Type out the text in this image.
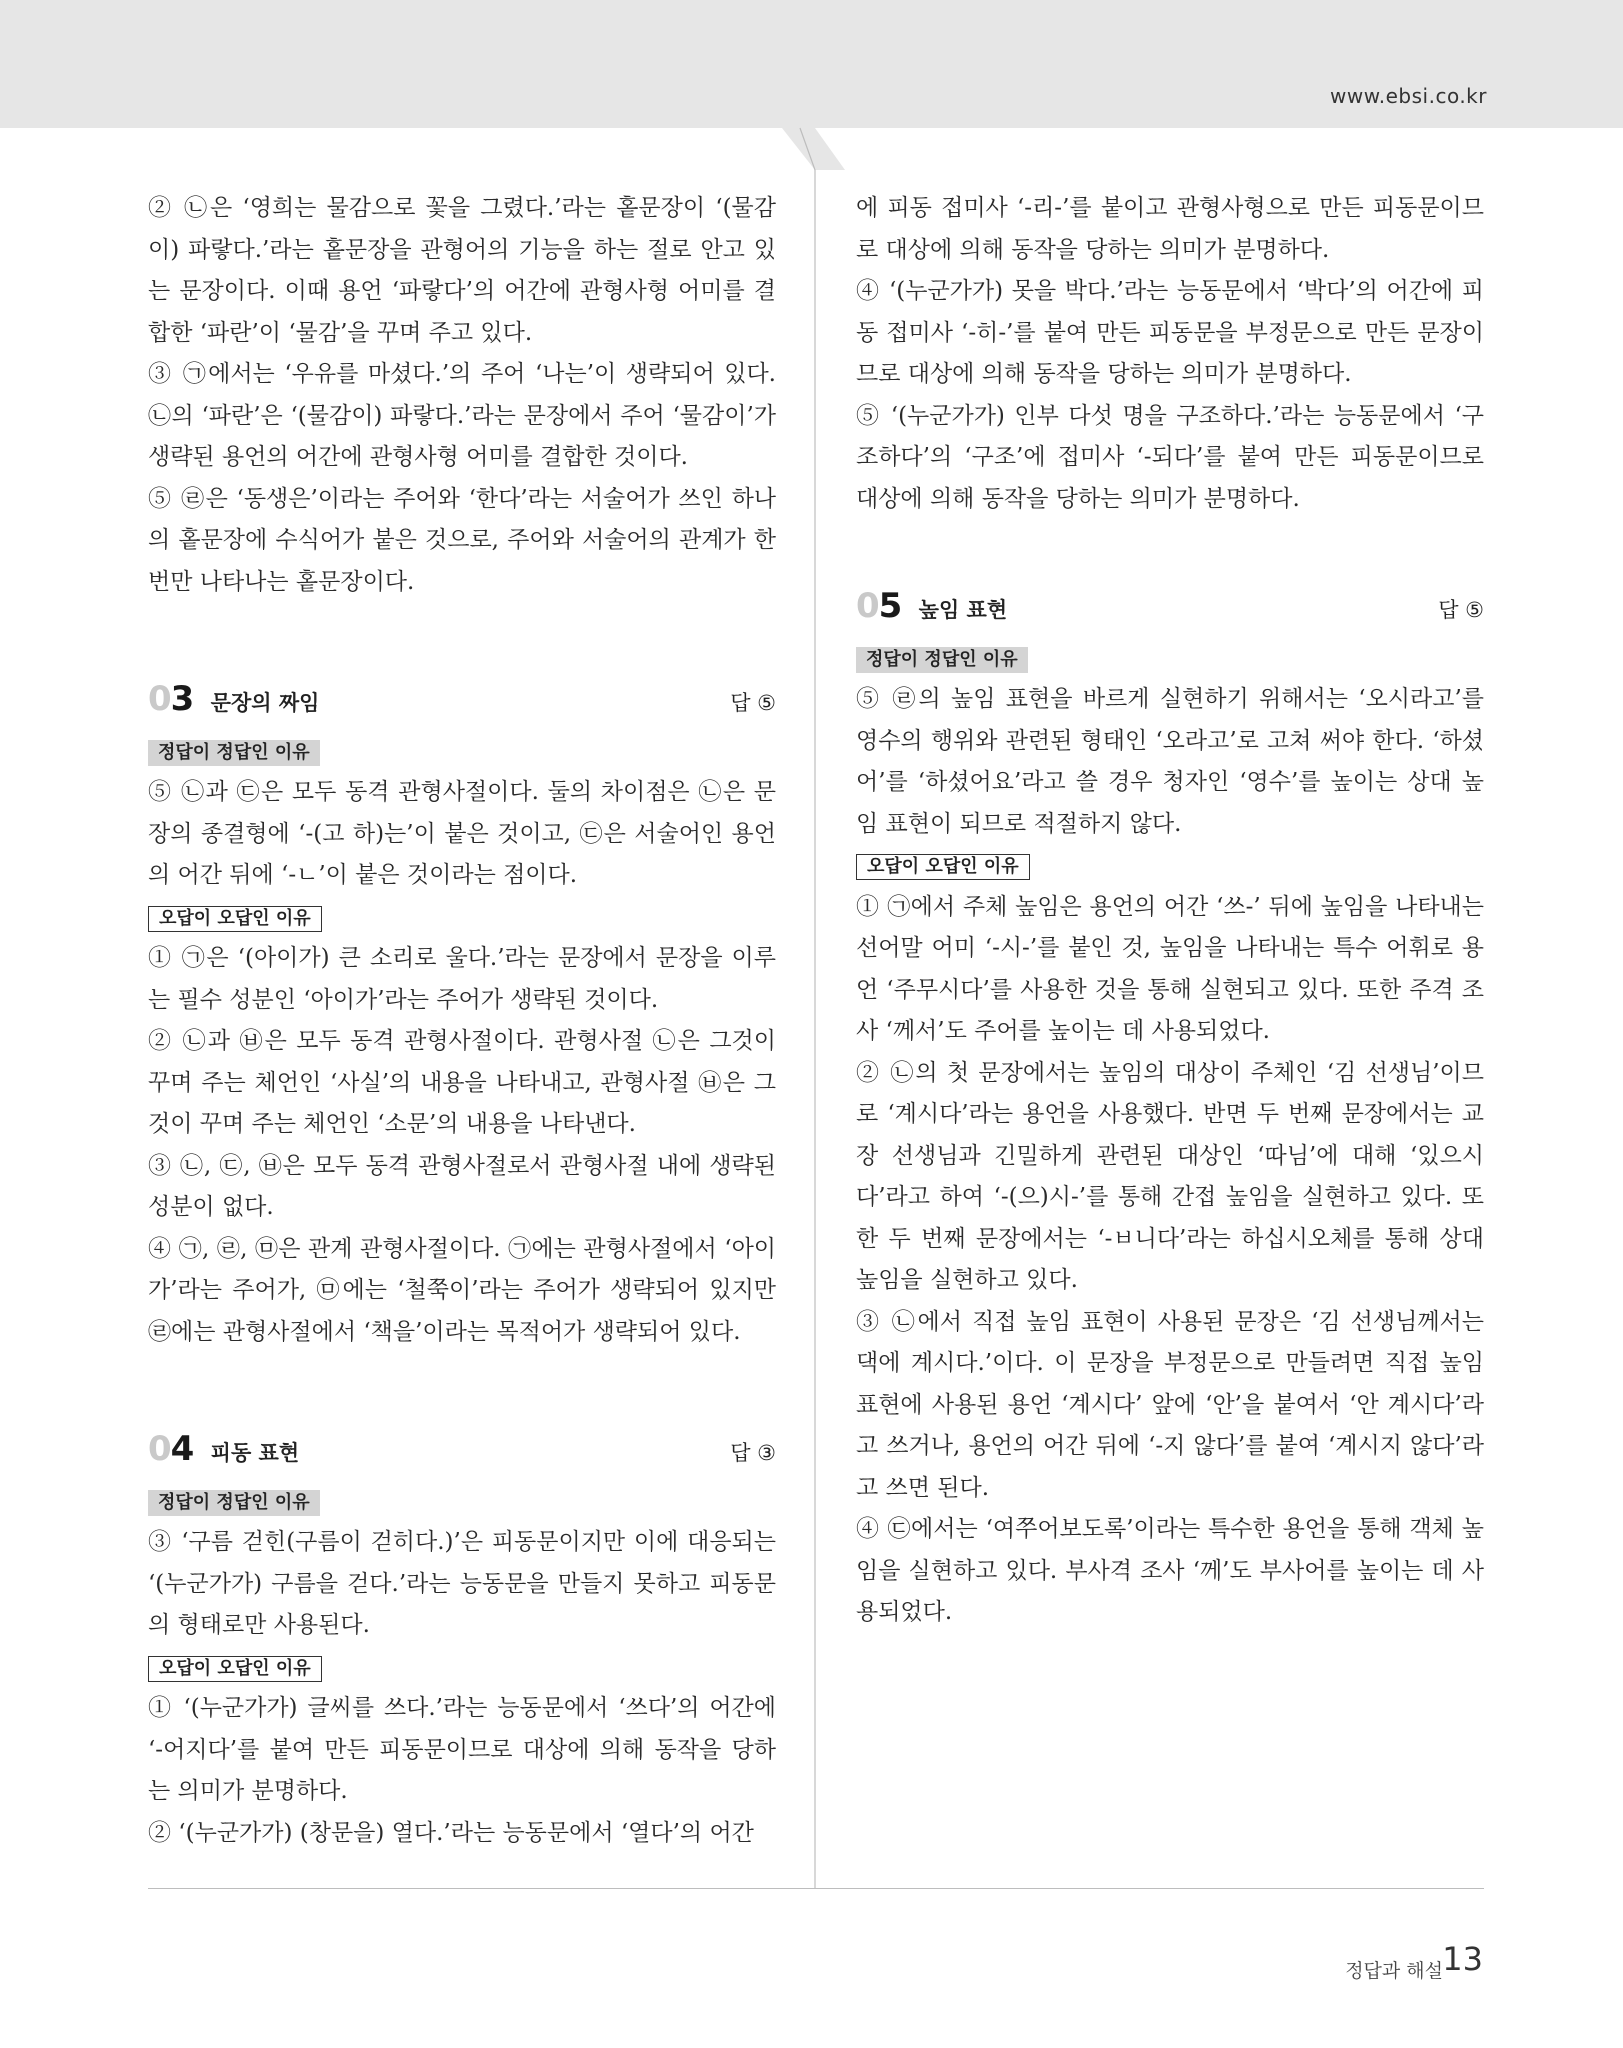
www.ebsi.co.kr

② ㉡은 ‘영희는 물감으로 꽃을 그렸다.’라는 홑문장이 ‘(물감이) 파랗다.’라는 홑문장을 관형어의 기능을 하는 절로 안고 있는 문장이다. 이때 용언 ‘파랗다’의 어간에 관형사형 어미를 결합한 ‘파란’이 ‘물감’을 꾸며 주고 있다.

③ ㉠에서는 ‘우유를 마셨다.’의 주어 ‘나는’이 생략되어 있다. ㉡의 ‘파란’은 ‘(물감이) 파랗다.’라는 문장에서 주어 ‘물감이’가 생략된 용언의 어간에 관형사형 어미를 결합한 것이다.

⑤ ㉣은 ‘동생은’이라는 주어와 ‘한다’라는 서술어가 쓰인 하나의 홑문장에 수식어가 붙은 것으로, 주어와 서술어의 관계가 한 번만 나타나는 홑문장이다.

03 문장의 짜임	답 ⑤
정답이 정답인 이유

⑤ ㉡과 ㉢은 모두 동격 관형사절이다. 둘의 차이점은 ㉡은 문장의 종결형에 ‘-(고 하)는’이 붙은 것이고, ㉢은 서술어인 용언의 어간 뒤에 ‘-ㄴ’이 붙은 것이라는 점이다.

오답이 오답인 이유

① ㉠은 ‘(아이가) 큰 소리로 울다.’라는 문장에서 문장을 이루는 필수 성분인 ‘아이가’라는 주어가 생략된 것이다.

② ㉡과 ㉥은 모두 동격 관형사절이다. 관형사절 ㉡은 그것이 꾸며 주는 체언인 ‘사실’의 내용을 나타내고, 관형사절 ㉥은 그것이 꾸며 주는 체언인 ‘소문’의 내용을 나타낸다.

③ ㉡, ㉢, ㉥은 모두 동격 관형사절로서 관형사절 내에 생략된 성분이 없다.

④ ㉠, ㉣, ㉤은 관계 관형사절이다. ㉠에는 관형사절에서 ‘아이가’라는 주어가, ㉤에는 ‘철쭉이’라는 주어가 생략되어 있지만 ㉣에는 관형사절에서 ‘책을’이라는 목적어가 생략되어 있다.

04 피동 표현	답 ③
정답이 정답인 이유

③ ‘구름 걷힌(구름이 걷히다.)’은 피동문이지만 이에 대응되는 ‘(누군가가) 구름을 걷다.’라는 능동문을 만들지 못하고 피동문의 형태로만 사용된다.

오답이 오답인 이유

① ‘(누군가가) 글씨를 쓰다.’라는 능동문에서 ‘쓰다’의 어간에 ‘-어지다’를 붙여 만든 피동문이므로 대상에 의해 동작을 당하는 의미가 분명하다.

② ‘(누군가가) (창문을) 열다.’라는 능동문에서 ‘열다’의 어간

에 피동 접미사 ‘-리-’를 붙이고 관형사형으로 만든 피동문이므로 대상에 의해 동작을 당하는 의미가 분명하다.

④ ‘(누군가가) 못을 박다.’라는 능동문에서 ‘박다’의 어간에 피동 접미사 ‘-히-’를 붙여 만든 피동문을 부정문으로 만든 문장이므로 대상에 의해 동작을 당하는 의미가 분명하다.

⑤ ‘(누군가가) 인부 다섯 명을 구조하다.’라는 능동문에서 ‘구조하다’의 ‘구조’에 접미사 ‘-되다’를 붙여 만든 피동문이므로 대상에 의해 동작을 당하는 의미가 분명하다.

05 높임 표현	답 ⑤
정답이 정답인 이유

⑤ ㉣의 높임 표현을 바르게 실현하기 위해서는 ‘오시라고’를 영수의 행위와 관련된 형태인 ‘오라고’로 고쳐 써야 한다. ‘하셨어’를 ‘하셨어요’라고 쓸 경우 청자인 ‘영수’를 높이는 상대 높임 표현이 되므로 적절하지 않다.

오답이 오답인 이유

① ㉠에서 주체 높임은 용언의 어간 ‘쓰-’ 뒤에 높임을 나타내는 선어말 어미 ‘-시-’를 붙인 것, 높임을 나타내는 특수 어휘로 용언 ‘주무시다’를 사용한 것을 통해 실현되고 있다. 또한 주격 조사 ‘께서’도 주어를 높이는 데 사용되었다.

② ㉡의 첫 문장에서는 높임의 대상이 주체인 ‘김 선생님’이므로 ‘계시다’라는 용언을 사용했다. 반면 두 번째 문장에서는 교장 선생님과 긴밀하게 관련된 대상인 ‘따님’에 대해 ‘있으시다’라고 하여 ‘-(으)시-’를 통해 간접 높임을 실현하고 있다. 또한 두 번째 문장에서는 ‘-ㅂ니다’라는 하십시오체를 통해 상대 높임을 실현하고 있다.

③ ㉡에서 직접 높임 표현이 사용된 문장은 ‘김 선생님께서는 댁에 계시다.’이다. 이 문장을 부정문으로 만들려면 직접 높임 표현에 사용된 용언 ‘계시다’ 앞에 ‘안’을 붙여서 ‘안 계시다’라고 쓰거나, 용언의 어간 뒤에 ‘-지 않다’를 붙여 ‘계시지 않다’라고 쓰면 된다.

④ ㉢에서는 ‘여쭈어보도록’이라는 특수한 용언을 통해 객체 높임을 실현하고 있다. 부사격 조사 ‘께’도 부사어를 높이는 데 사용되었다.

정답과 해설 13
